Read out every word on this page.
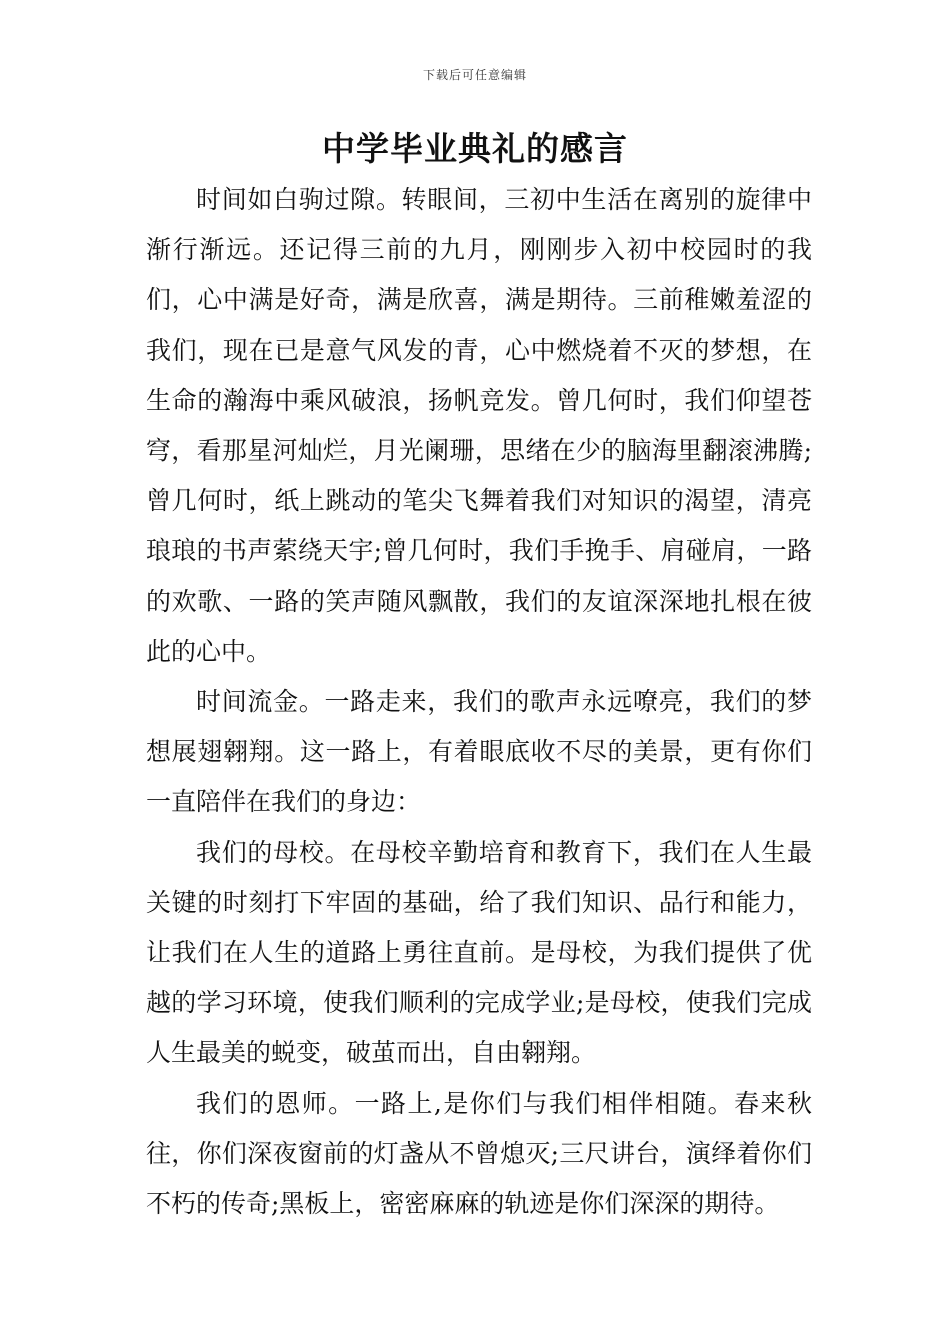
下载后可任意编辑
中学毕业典礼的感言

时间如白驹过隙。转眼间，三初中生活在离别的旋律中渐行渐远。还记得三前的九月，刚刚步入初中校园时的我们，心中满是好奇，满是欣喜，满是期待。三前稚嫩羞涩的我们，现在已是意气风发的青，心中燃烧着不灭的梦想，在生命的瀚海中乘风破浪，扬帆竞发。曾几何时，我们仰望苍穹，看那星河灿烂，月光阑珊，思绪在少的脑海里翻滚沸腾;曾几何时，纸上跳动的笔尖飞舞着我们对知识的渴望，清亮琅琅的书声萦绕天宇;曾几何时，我们手挽手、肩碰肩，一路的欢歌、一路的笑声随风飘散，我们的友谊深深地扎根在彼此的心中。

时间流金。一路走来，我们的歌声永远嘹亮，我们的梦想展翅翱翔。这一路上，有着眼底收不尽的美景，更有你们一直陪伴在我们的身边：

我们的母校。在母校辛勤培育和教育下，我们在人生最关键的时刻打下牢固的基础，给了我们知识、品行和能力，让我们在人生的道路上勇往直前。是母校，为我们提供了优越的学习环境，使我们顺利的完成学业;是母校，使我们完成人生最美的蜕变，破茧而出，自由翱翔。

我们的恩师。一路上,是你们与我们相伴相随。春来秋往，你们深夜窗前的灯盏从不曾熄灭;三尺讲台，演绎着你们不朽的传奇;黑板上，密密麻麻的轨迹是你们深深的期待。
